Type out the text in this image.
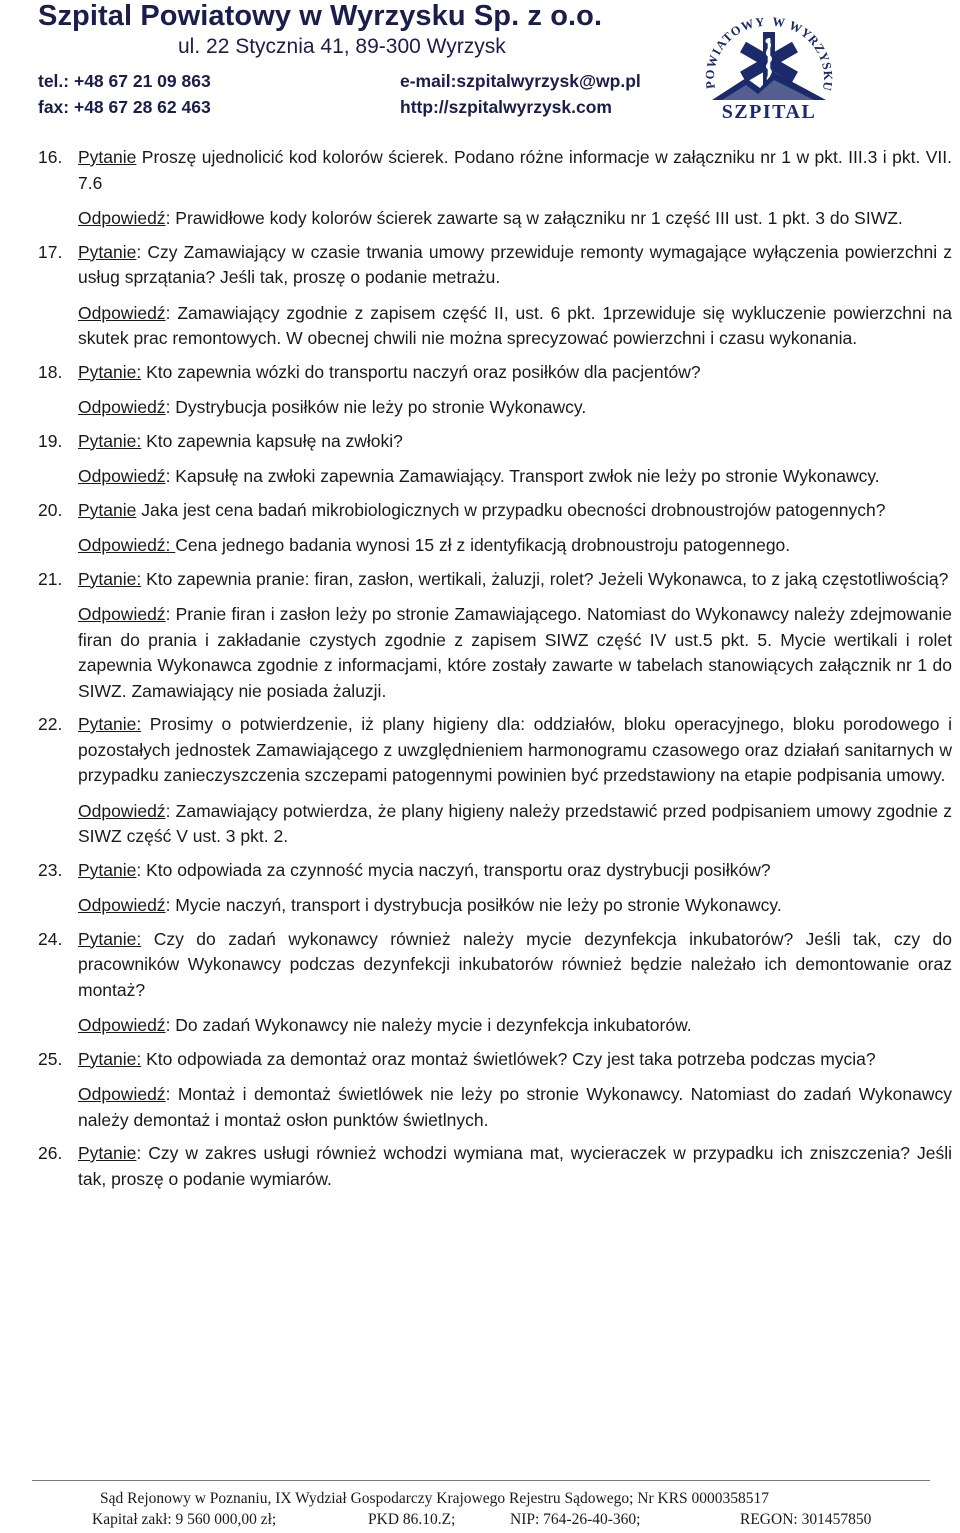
Szpital Powiatowy w Wyrzysku Sp. z o.o.
ul. 22 Stycznia 41, 89-300 Wyrzysk
tel.: +48 67 21 09 863
fax: +48 67 28 62 463
e-mail:szpitalwyrzysk@wp.pl
http://szpitalwyrzysk.com
POWIATOWY W WYRZYSKU
SZPITAL
16. Pytanie Proszę ujednolicić kod kolorów ścierek. Podano różne informacje w załączniku nr 1 w pkt. III.3 i pkt. VII. 7.6

Odpowiedź: Prawidłowe kody kolorów ścierek zawarte są w załączniku nr 1 część III ust. 1 pkt. 3 do SIWZ.

17. Pytanie: Czy Zamawiający w czasie trwania umowy przewiduje remonty wymagające wyłączenia powierzchni z usług sprzątania? Jeśli tak, proszę o podanie metrażu.

Odpowiedź: Zamawiający zgodnie z zapisem część II, ust. 6 pkt. 1przewiduje się wykluczenie powierzchni na skutek prac remontowych. W obecnej chwili nie można sprecyzować powierzchni i czasu wykonania.

18. Pytanie: Kto zapewnia wózki do transportu naczyń oraz posiłków dla pacjentów?

Odpowiedź: Dystrybucja posiłków nie leży po stronie Wykonawcy.

19. Pytanie: Kto zapewnia kapsułę na zwłoki?

Odpowiedź: Kapsułę na zwłoki zapewnia Zamawiający. Transport zwłok nie leży po stronie Wykonawcy.

20. Pytanie Jaka jest cena badań mikrobiologicznych w przypadku obecności drobnoustrojów patogennych?

Odpowiedź: Cena jednego badania wynosi 15 zł z identyfikacją drobnoustroju patogennego.

21. Pytanie: Kto zapewnia pranie: firan, zasłon, wertikali, żaluzji, rolet? Jeżeli Wykonawca, to z jaką częstotliwością?

Odpowiedź: Pranie firan i zasłon leży po stronie Zamawiającego. Natomiast do Wykonawcy należy zdejmowanie firan do prania i zakładanie czystych zgodnie z zapisem SIWZ część IV ust.5 pkt. 5. Mycie wertikali i rolet zapewnia Wykonawca zgodnie z informacjami, które zostały zawarte w tabelach stanowiących załącznik nr 1 do SIWZ. Zamawiający nie posiada żaluzji.

22. Pytanie: Prosimy o potwierdzenie, iż plany higieny dla: oddziałów, bloku operacyjnego, bloku porodowego i pozostałych jednostek Zamawiającego z uwzględnieniem harmonogramu czasowego oraz działań sanitarnych w przypadku zanieczyszczenia szczepami patogennymi powinien być przedstawiony na etapie podpisania umowy.

Odpowiedź: Zamawiający potwierdza, że plany higieny należy przedstawić przed podpisaniem umowy zgodnie z SIWZ część V ust. 3 pkt. 2.

23. Pytanie: Kto odpowiada za czynność mycia naczyń, transportu oraz dystrybucji posiłków?

Odpowiedź: Mycie naczyń, transport i dystrybucja posiłków nie leży po stronie Wykonawcy.

24. Pytanie: Czy do zadań wykonawcy również należy mycie dezynfekcja inkubatorów? Jeśli tak, czy do pracowników Wykonawcy podczas dezynfekcji inkubatorów również będzie należało ich demontowanie oraz montaż?

Odpowiedź: Do zadań Wykonawcy nie należy mycie i dezynfekcja inkubatorów.

25. Pytanie: Kto odpowiada za demontaż oraz montaż świetlówek? Czy jest taka potrzeba podczas mycia?

Odpowiedź: Montaż i demontaż świetlówek nie leży po stronie Wykonawcy. Natomiast do zadań Wykonawcy należy demontaż i montaż osłon punktów świetlnych.

26. Pytanie: Czy w zakres usługi również wchodzi wymiana mat, wycieraczek w przypadku ich zniszczenia? Jeśli tak, proszę o podanie wymiarów.

Sąd Rejonowy w Poznaniu, IX Wydział Gospodarczy Krajowego Rejestru Sądowego; Nr KRS 0000358517
Kapitał zakł: 9 560 000,00 zł;	PKD 86.10.Z;	NIP: 764-26-40-360;	REGON: 301457850
